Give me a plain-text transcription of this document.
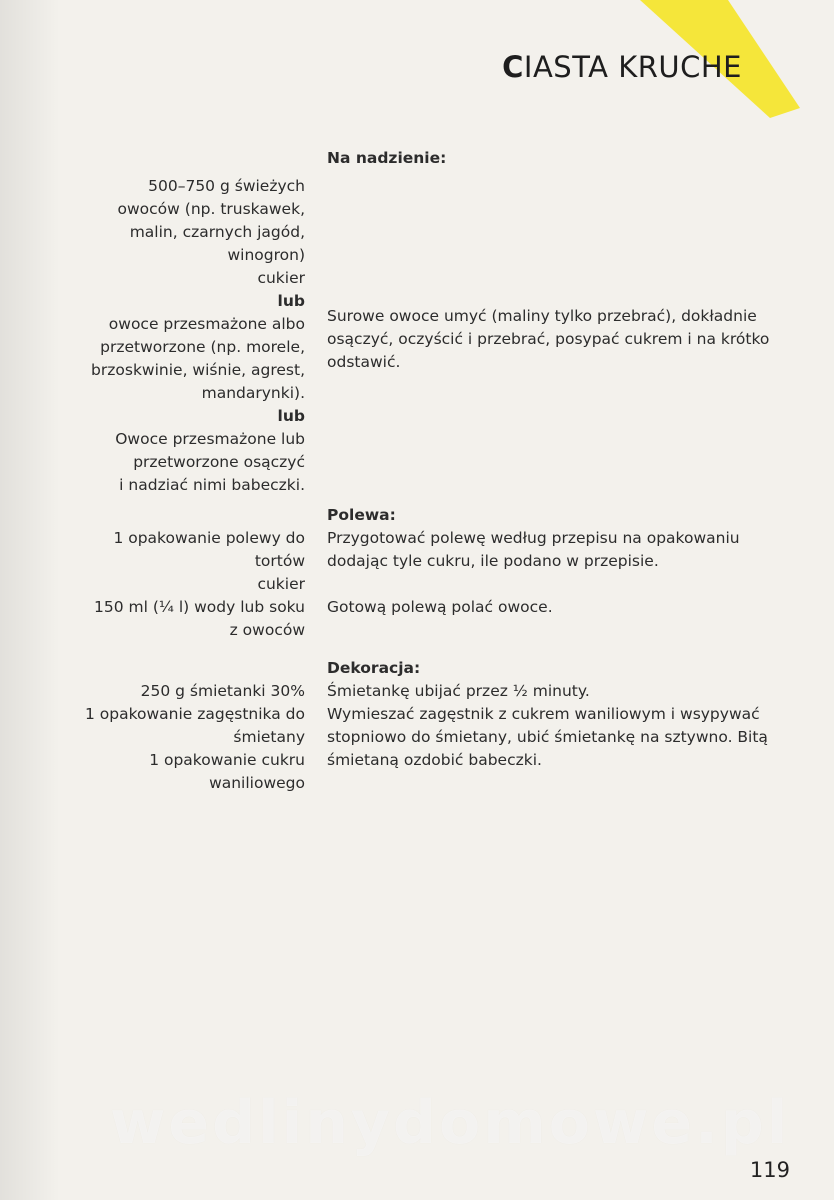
CIASTA KRUCHE

Na nadzienie:

500–750 g świeżych
owoców (np. truskawek,
malin, czarnych jagód,
winogron)
cukier
lub
owoce przesmażone albo
przetworzone (np. morele,
brzoskwinie, wiśnie, agrest,
mandarynki).
lub
Owoce przesmażone lub
przetworzone osączyć
i nadziać nimi babeczki.

Surowe owoce umyć (maliny tylko przebrać), dokładnie osączyć, oczyścić i przebrać, posypać cukrem i na krótko odstawić.

Polewa:

Przygotować polewę według przepisu na opakowaniu dodając tyle cukru, ile podano w przepisie.

Gotową polewą polać owoce.

1 opakowanie polewy do
tortów
cukier
150 ml (¼ l) wody lub soku
z owoców

Dekoracja:

Śmietankę ubijać przez ½ minuty.

Wymieszać zagęstnik z cukrem waniliowym i wsypywać stopniowo do śmietany, ubić śmietankę na sztywno. Bitą śmietaną ozdobić babeczki.

250 g śmietanki 30%
1 opakowanie zagęstnika do
śmietany
1 opakowanie cukru
waniliowego
wedlinydomowe.pl
119
